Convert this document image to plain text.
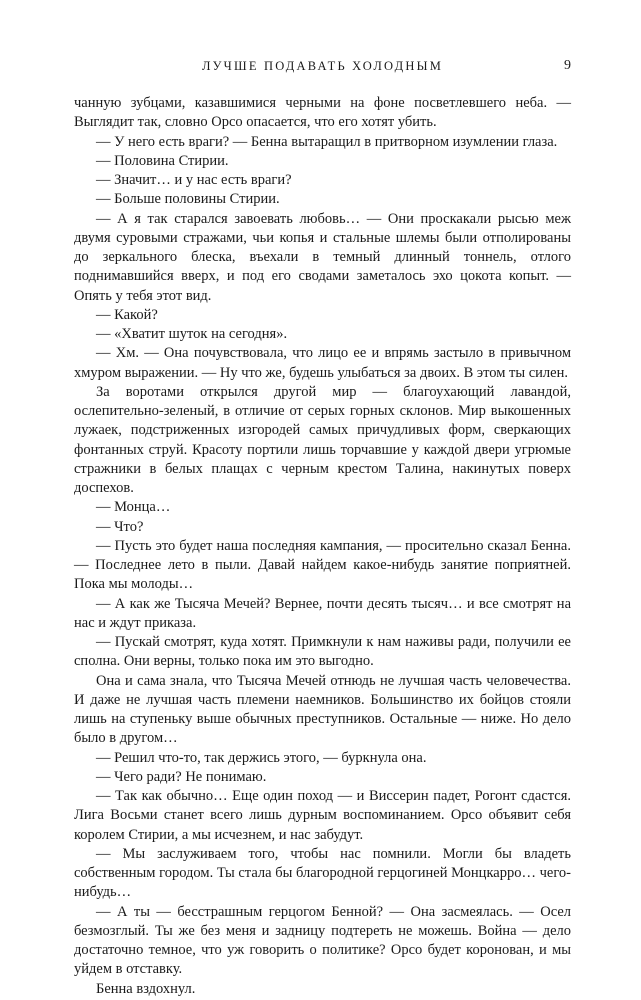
ЛУЧШЕ ПОДАВАТЬ ХОЛОДНЫМ	9

чанную зубцами, казавшимися черными на фоне посветлевшего неба. — Выглядит так, словно Орсо опасается, что его хотят убить.

— У него есть враги? — Бенна вытаращил в притворном изумлении глаза.

— Половина Стирии.

— Значит… и у нас есть враги?

— Больше половины Стирии.

— А я так старался завоевать любовь… — Они проскакали рысью меж двумя суровыми стражами, чьи копья и стальные шлемы были отполированы до зеркального блеска, въехали в темный длинный тоннель, отлого поднимавшийся вверх, и под его сводами заметалось эхо цокота копыт. — Опять у тебя этот вид.

— Какой?

— «Хватит шуток на сегодня».

— Хм. — Она почувствовала, что лицо ее и впрямь застыло в привычном хмуром выражении. — Ну что же, будешь улыбаться за двоих. В этом ты силен.

За воротами открылся другой мир — благоухающий лавандой, ослепительно-зеленый, в отличие от серых горных склонов. Мир выкошенных лужаек, подстриженных изгородей самых причудливых форм, сверкающих фонтанных струй. Красоту портили лишь торчавшие у каждой двери угрюмые стражники в белых плащах с черным крестом Талина, накинутых поверх доспехов.

— Монца…

— Что?

— Пусть это будет наша последняя кампания, — просительно сказал Бенна. — Последнее лето в пыли. Давай найдем какое-нибудь занятие поприятней. Пока мы молоды…

— А как же Тысяча Мечей? Вернее, почти десять тысяч… и все смотрят на нас и ждут приказа.

— Пускай смотрят, куда хотят. Примкнули к нам наживы ради, получили ее сполна. Они верны, только пока им это выгодно.

Она и сама знала, что Тысяча Мечей отнюдь не лучшая часть человечества. И даже не лучшая часть племени наемников. Большинство их бойцов стояли лишь на ступеньку выше обычных преступников. Остальные — ниже. Но дело было в другом…

— Решил что-то, так держись этого, — буркнула она.

— Чего ради? Не понимаю.

— Так как обычно… Еще один поход — и Виссерин падет, Рогонт сдастся. Лига Восьми станет всего лишь дурным воспоминанием. Орсо объявит себя королем Стирии, а мы исчезнем, и нас забудут.

— Мы заслуживаем того, чтобы нас помнили. Могли бы владеть собственным городом. Ты стала бы благородной герцогиней Монцкарро… чего-нибудь…

— А ты — бесстрашным герцогом Бенной? — Она засмеялась. — Осел безмозглый. Ты же без меня и задницу подтереть не можешь. Война — дело достаточно темное, что уж говорить о политике? Орсо будет коронован, и мы уйдем в отставку.

Бенна вздохнул.
